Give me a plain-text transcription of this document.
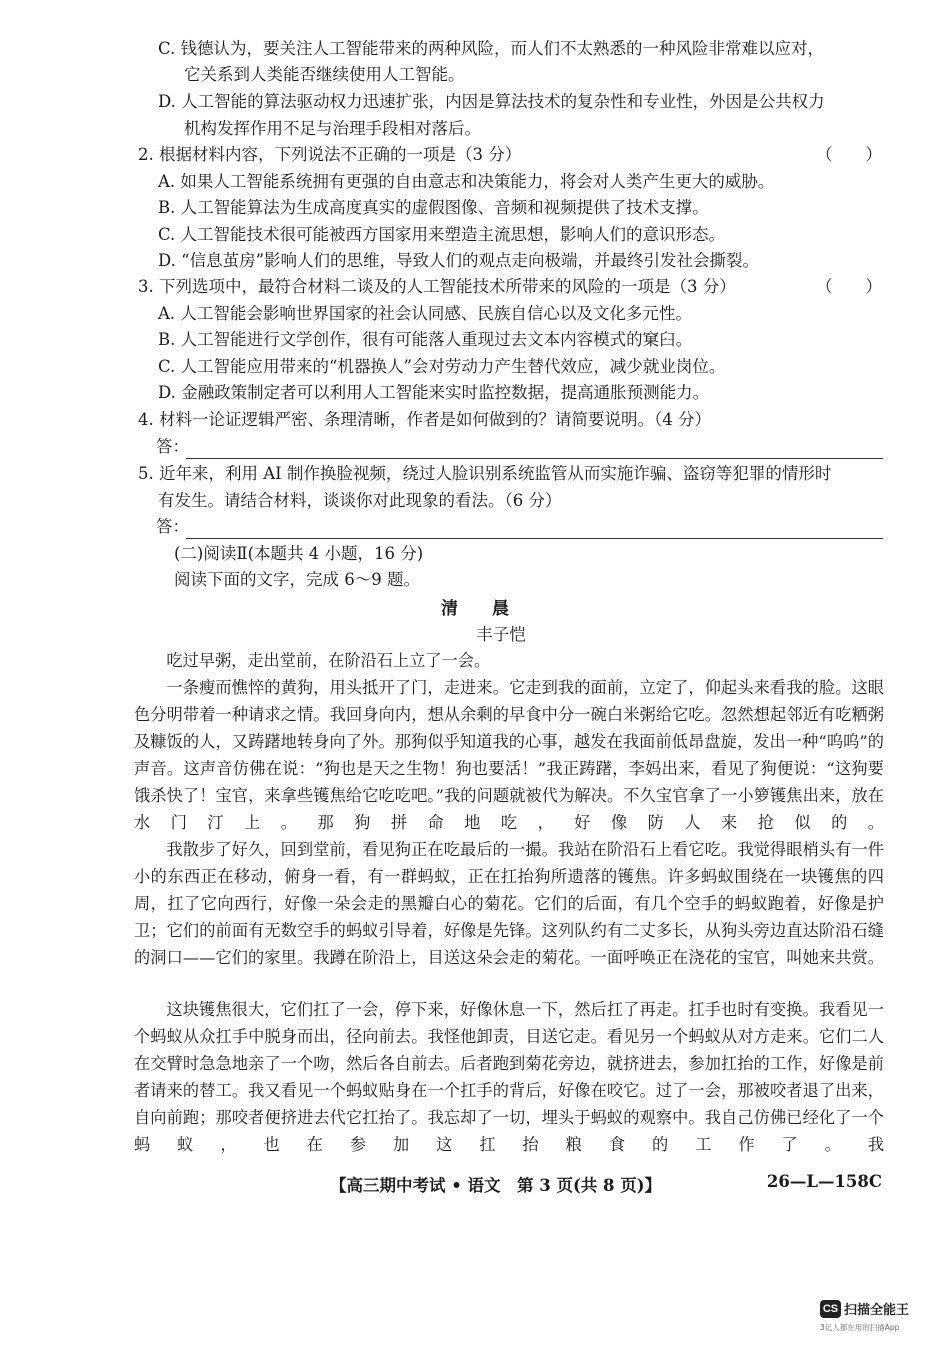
C. 钱德认为，要关注人工智能带来的两种风险，而人们不太熟悉的一种风险非常难以应对，
它关系到人类能否继续使用人工智能。
D. 人工智能的算法驱动权力迅速扩张，内因是算法技术的复杂性和专业性，外因是公共权力
机构发挥作用不足与治理手段相对落后。
2. 根据材料内容，下列说法不正确的一项是（3 分）	（　　）
A. 如果人工智能系统拥有更强的自由意志和决策能力，将会对人类产生更大的威胁。
B. 人工智能算法为生成高度真实的虚假图像、音频和视频提供了技术支撑。
C. 人工智能技术很可能被西方国家用来塑造主流思想，影响人们的意识形态。
D. “信息茧房”影响人们的思维，导致人们的观点走向极端，并最终引发社会撕裂。
3. 下列选项中，最符合材料二谈及的人工智能技术所带来的风险的一项是（3 分）	（　　）
A. 人工智能会影响世界国家的社会认同感、民族自信心以及文化多元性。
B. 人工智能进行文学创作，很有可能落人重现过去文本内容模式的窠臼。
C. 人工智能应用带来的“机器换人”会对劳动力产生替代效应，减少就业岗位。
D. 金融政策制定者可以利用人工智能来实时监控数据，提高通胀预测能力。
4. 材料一论证逻辑严密、条理清晰，作者是如何做到的？请简要说明。（4 分）
答：
5. 近年来，利用 AI 制作换脸视频，绕过人脸识别系统监管从而实施诈骗、盗窃等犯罪的情形时
有发生。请结合材料，谈谈你对此现象的看法。（6 分）
答：
(二)阅读Ⅱ(本题共 4 小题，16 分)
阅读下面的文字，完成 6～9 题。
清　　晨
丰子恺

吃过早粥，走出堂前，在阶沿石上立了一会。

一条瘦而憔悴的黄狗，用头抵开了门，走进来。它走到我的面前，立定了，仰起头来看我的脸。这眼色分明带着一种请求之情。我回身向内，想从余剩的早食中分一碗白米粥给它吃。忽然想起邻近有吃粞粥及糠饭的人，又踌躇地转身向了外。那狗似乎知道我的心事，越发在我面前低昂盘旋，发出一种“呜呜”的声音。这声音仿佛在说：“狗也是天之生物！狗也要活！”我正踌躇，李妈出来，看见了狗便说：“这狗要饿杀快了！宝官，来拿些镬焦给它吃吃吧。”我的问题就被代为解决。不久宝官拿了一小箩镬焦出来，放在水门汀上。那狗拼命地吃，好像防人来抢似的。

我散步了好久，回到堂前，看见狗正在吃最后的一撮。我站在阶沿石上看它吃。我觉得眼梢头有一件小的东西正在移动，俯身一看，有一群蚂蚁，正在扛抬狗所遗落的镬焦。许多蚂蚁围绕在一块镬焦的四周，扛了它向西行，好像一朵会走的黑瓣白心的菊花。它们的后面，有几个空手的蚂蚁跑着，好像是护卫；它们的前面有无数空手的蚂蚁引导着，好像是先锋。这列队约有二丈多长，从狗头旁边直达阶沿石缝的洞口——它们的家里。我蹲在阶沿上，目送这朵会走的菊花。一面呼唤正在浇花的宝官，叫她来共赏。

这块镬焦很大，它们扛了一会，停下来，好像休息一下，然后扛了再走。扛手也时有变换。我看见一个蚂蚁从众扛手中脱身而出，径向前去。我怪他卸责，目送它走。看见另一个蚂蚁从对方走来。它们二人在交臂时急急地亲了一个吻，然后各自前去。后者跑到菊花旁边，就挤进去，参加扛抬的工作，好像是前者请来的替工。我又看见一个蚂蚁贴身在一个扛手的背后，好像在咬它。过了一会，那被咬者退了出来，自向前跑；那咬者便挤进去代它扛抬了。我忘却了一切，埋头于蚂蚁的观察中。我自己仿佛已经化了一个蚂蚁，也在参加这扛抬粮食的工作了。我

【高三期中考试 • 语文　第 3 页(共 8 页)】	26—L—158C
CS 扫描全能王
3亿人都在用的扫描App
